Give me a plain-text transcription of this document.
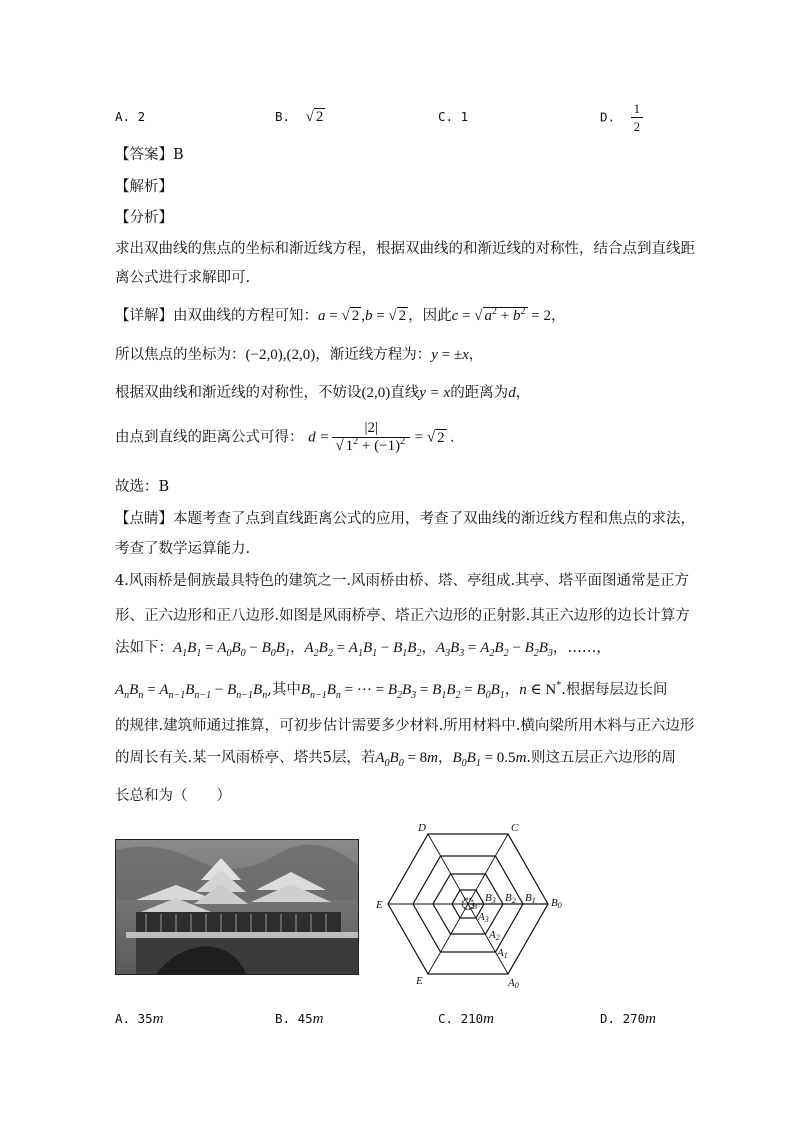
A. 2	B. √ 2	C. 1	D. $\frac{1}{2}$
【答案】B
【解析】
【分析】
求出双曲线的焦点的坐标和渐近线方程，根据双曲线的和渐近线的对称性，结合点到直线距
离公式进行求解即可.
【详解】由双曲线的方程可知：a = √ 2 ,b = √ 2 ，因此c = √ $a^2 + b^2 = 2$，
所以焦点的坐标为：(−2,0),(2,0)，渐近线方程为：y = ±x，
根据双曲线和渐近线的对称性，不妨设(2,0)直线y = x的距离为d，
由点到直线的距离公式可得： $d = \frac{|2|}{√ 1^2 + (-1)^2}$ = √ 2 .
故选：B
【点睛】本题考查了点到直线距离公式的应用，考查了双曲线的渐近线方程和焦点的求法，
考查了数学运算能力.
4.风雨桥是侗族最具特色的建筑之一.风雨桥由桥、塔、亭组成.其亭、塔平面图通常是正方
形、正六边形和正八边形.如图是风雨桥亭、塔正六边形的正射影.其正六边形的边长计算方
法如下：$A_1B_1 = A_0B_0 - B_0B_1$，$A_2B_2 = A_1B_1 - B_1B_2$，$A_3B_3 = A_2B_2 - B_2B_3$，……，
$A_nB_n = A_{n-1}B_{n-1} - B_{n-1}B_n$,其中$B_{n-1}B_n$ = ··· = $B_2B_3 = B_1B_2 = B_0B_1$，n ∈ N*.根据每层边长间
的规律.建筑师通过推算，可初步估计需要多少材料.所用材料中.横向梁所用木料与正六边形
的周长有关.某一风雨桥亭、塔共5层，若$A_0B_0 = 8m$，$B_0B_1 = 0.5m$.则这五层正六边形的周
长总和为（　　）
D	C
E
E
B0
B1
B2
B3
A0
A1
A2
A3
B
A. 35m	B. 45m	C. 210m	D. 270m
